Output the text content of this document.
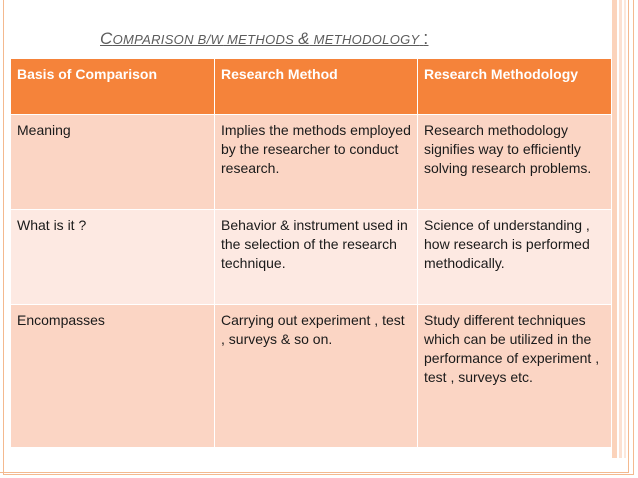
COMPARISON B/W METHODS & METHODOLOGY :
Basis of Comparison	Research Method	Research Methodology
Meaning	Implies the methods employed by the researcher to conduct research.	Research methodology signifies way to efficiently solving research problems.
What is it ?	Behavior & instrument used in the selection of the research technique.	Science of understanding , how research is performed methodically.
Encompasses	Carrying out experiment , test , surveys & so on.	Study different techniques which can be utilized in the performance of experiment , test , surveys etc.
